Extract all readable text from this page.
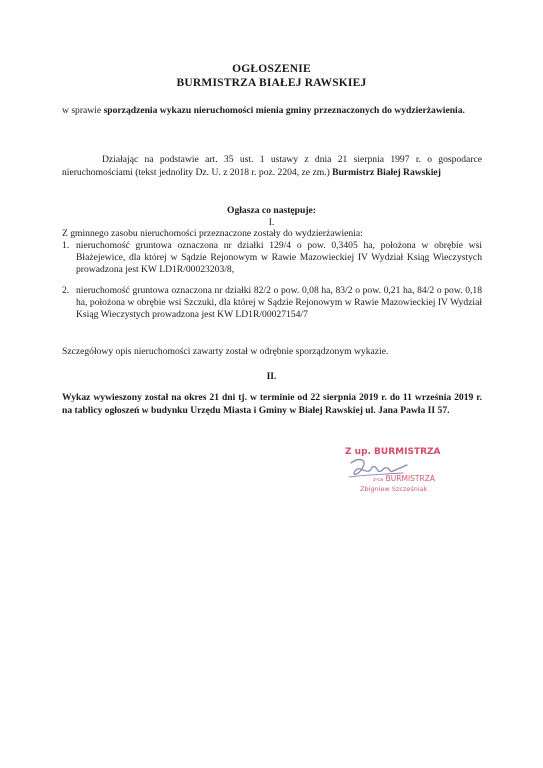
OGŁOSZENIE
BURMISTRZA BIAŁEJ RAWSKIEJ
w sprawie sporządzenia wykazu nieruchomości mienia gminy przeznaczonych do wydzierżawienia.
Działając na podstawie art. 35 ust. 1 ustawy z dnia 21 sierpnia 1997 r. o gospodarce nieruchomościami (tekst jednolity Dz. U. z 2018 r. poz. 2204, ze zm.) Burmistrz Białej Rawskiej
Ogłasza co następuje:
I.
Z gminnego zasobu nieruchomości przeznaczone zostały do wydzierżawienia:
1. nieruchomość gruntowa oznaczona nr działki 129/4 o pow. 0,3405 ha, położona w obrębie wsi Błażejewice, dla której w Sądzie Rejonowym w Rawie Mazowieckiej IV Wydział Ksiąg Wieczystych prowadzona jest KW LD1R/00023203/8,
2. nieruchomość gruntowa oznaczona nr działki 82/2 o pow. 0,08 ha, 83/2 o pow. 0,21 ha, 84/2 o pow. 0,18 ha, położona w obrębie wsi Szczuki, dla której w Sądzie Rejonowym w Rawie Mazowieckiej IV Wydział Ksiąg Wieczystych prowadzona jest KW LD1R/00027154/7
Szczegółowy opis nieruchomości zawarty został w odrębnie sporządzonym wykazie.
II.
Wykaz wywieszony został na okres 21 dni tj. w terminie od 22 sierpnia 2019 r. do 11 września 2019 r. na tablicy ogłoszeń w budynku Urzędu Miasta i Gminy w Białej Rawskiej ul. Jana Pawła II 57.
Z up. BURMISTRZA
z-ca BURMISTRZA
Zbigniew Szcześniak
